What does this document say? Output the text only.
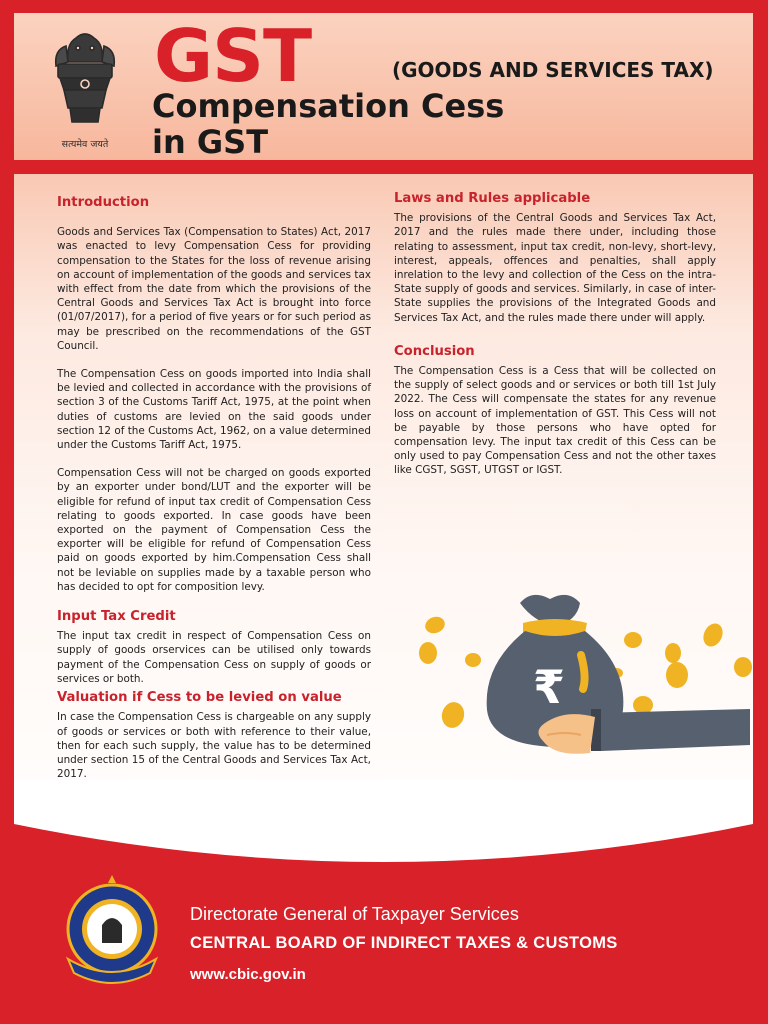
सत्यमेव जयते
GST	(GOODS AND SERVICES TAX)
Compensation Cess
in GST
Introduction

Goods and Services Tax (Compensation to States) Act, 2017 was enacted to levy Compensation Cess for providing compensation to the States for the loss of revenue arising on account of implementation of the goods and services tax with effect from the date from which the provisions of the Central Goods and Services Tax Act is brought into force (01/07/2017), for a period of five years or for such period as may be prescribed on the recommendations of the GST Council.

The Compensation Cess on goods imported into India shall be levied and collected in accordance with the provisions of section 3 of the Customs Tariff Act, 1975, at the point when duties of customs are levied on the said goods under section 12 of the Customs Act, 1962, on a value determined under the Customs Tariff Act, 1975.

Compensation Cess will not be charged on goods exported by an exporter under bond/LUT and the exporter will be eligible for refund of input tax credit of Compensation Cess relating to goods exported. In case goods have been exported on the payment of Compensation Cess the exporter will be eligible for refund of Compensation Cess paid on goods exported by him.Compensation Cess shall not be leviable on supplies made by a taxable person who has decided to opt for composition levy.

Input Tax Credit

The input tax credit in respect of Compensation Cess on supply of goods orservices can be utilised only towards payment of the Compensation Cess on supply of goods or services or both.

Valuation if Cess to be levied on value

In case the Compensation Cess is chargeable on any supply of goods or services or both with reference to their value, then for each such supply, the value has to be determined under section 15 of the Central Goods and Services Tax Act, 2017.

Laws and Rules applicable

The provisions of the Central Goods and Services Tax Act, 2017 and the rules made there under, including those relating to assessment, input tax credit, non-levy, short-levy, interest, appeals, offences and penalties, shall apply inrelation to the levy and collection of the Cess on the intra-State supply of goods and services. Similarly, in case of inter-State supplies the provisions of the Integrated Goods and Services Tax Act, and the rules made there under will apply.

Conclusion

The Compensation Cess is a Cess that will be collected on the supply of select goods and or services or both till 1st July 2022. The Cess will compensate the states for any revenue loss on account of implementation of GST. This Cess will not be payable by those persons who have opted for compensation levy. The input tax credit of this Cess can be only used to pay Compensation Cess and not the other taxes like CGST, SGST, UTGST or IGST.

₹
Directorate General of Taxpayer Services
CENTRAL BOARD OF INDIRECT TAXES & CUSTOMS
www.cbic.gov.in
